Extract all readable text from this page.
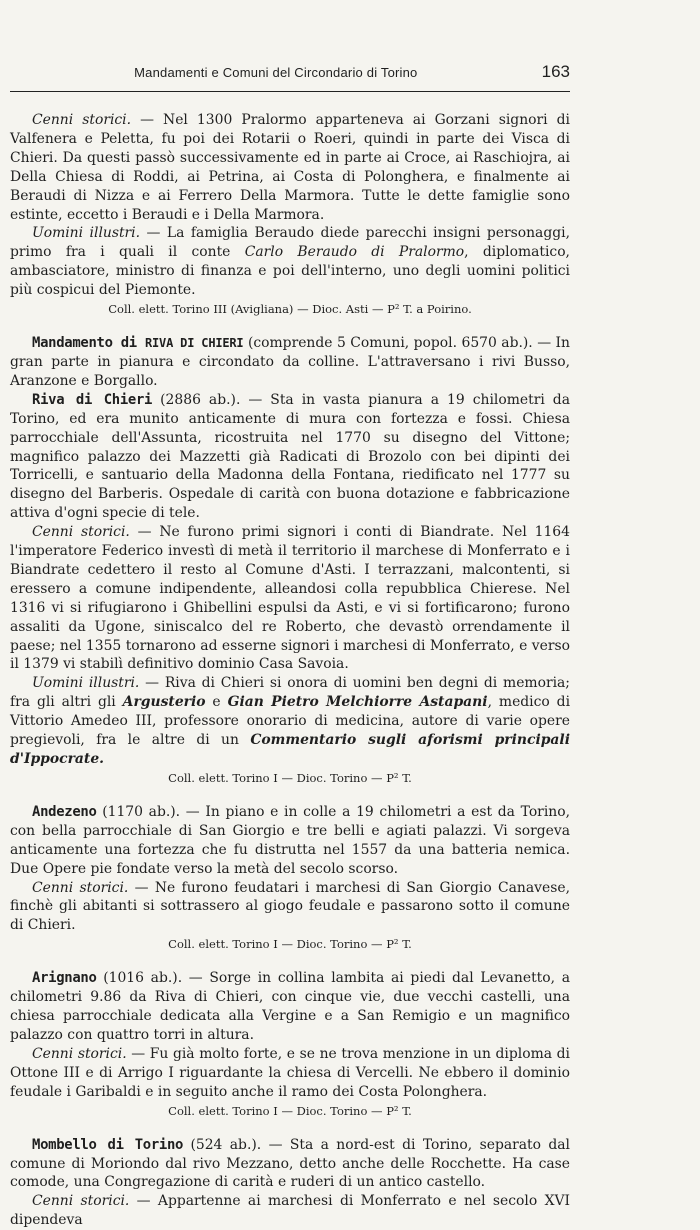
Mandamenti e Comuni del Circondario di Torino	163

Cenni storici. — Nel 1300 Pralormo apparteneva ai Gorzani signori di Valfenera e Peletta, fu poi dei Rotarii o Roeri, quindi in parte dei Visca di Chieri. Da questi passò successivamente ed in parte ai Croce, ai Raschiojra, ai Della Chiesa di Roddi, ai Petrina, ai Costa di Polonghera, e finalmente ai Beraudi di Nizza e ai Ferrero Della Marmora. Tutte le dette famiglie sono estinte, eccetto i Beraudi e i Della Marmora.

Uomini illustri. — La famiglia Beraudo diede parecchi insigni personaggi, primo fra i quali il conte Carlo Beraudo di Pralormo, diplomatico, ambasciatore, ministro di finanza e poi dell'interno, uno degli uomini politici più cospicui del Piemonte.

Coll. elett. Torino III (Avigliana) — Dioc. Asti — P² T. a Poirino.

Mandamento di RIVA DI CHIERI (comprende 5 Comuni, popol. 6570 ab.). — In gran parte in pianura e circondato da colline. L'attraversano i rivi Busso, Aranzone e Borgallo.

Riva di Chieri (2886 ab.). — Sta in vasta pianura a 19 chilometri da Torino, ed era munito anticamente di mura con fortezza e fossi. Chiesa parrocchiale dell'Assunta, ricostruita nel 1770 su disegno del Vittone; magnifico palazzo dei Mazzetti già Radicati di Brozolo con bei dipinti dei Torricelli, e santuario della Madonna della Fontana, riedificato nel 1777 su disegno del Barberis. Ospedale di carità con buona dotazione e fabbricazione attiva d'ogni specie di tele.

Cenni storici. — Ne furono primi signori i conti di Biandrate. Nel 1164 l'imperatore Federico investì di metà il territorio il marchese di Monferrato e i Biandrate cedettero il resto al Comune d'Asti. I terrazzani, malcontenti, si eressero a comune indipendente, alleandosi colla repubblica Chierese. Nel 1316 vi si rifugiarono i Ghibellini espulsi da Asti, e vi si fortificarono; furono assaliti da Ugone, siniscalco del re Roberto, che devastò orrendamente il paese; nel 1355 tornarono ad esserne signori i marchesi di Monferrato, e verso il 1379 vi stabilì definitivo dominio Casa Savoia.

Uomini illustri. — Riva di Chieri si onora di uomini ben degni di memoria; fra gli altri gli Argusterio e Gian Pietro Melchiorre Astapani, medico di Vittorio Amedeo III, professore onorario di medicina, autore di varie opere pregievoli, fra le altre di un Commentario sugli aforismi principali d'Ippocrate.

Coll. elett. Torino I — Dioc. Torino — P² T.

Andezeno (1170 ab.). — In piano e in colle a 19 chilometri a est da Torino, con bella parrocchiale di San Giorgio e tre belli e agiati palazzi. Vi sorgeva anticamente una fortezza che fu distrutta nel 1557 da una batteria nemica. Due Opere pie fondate verso la metà del secolo scorso.

Cenni storici. — Ne furono feudatari i marchesi di San Giorgio Canavese, finchè gli abitanti si sottrassero al giogo feudale e passarono sotto il comune di Chieri.

Coll. elett. Torino I — Dioc. Torino — P² T.

Arignano (1016 ab.). — Sorge in collina lambita ai piedi dal Levanetto, a chilometri 9.86 da Riva di Chieri, con cinque vie, due vecchi castelli, una chiesa parrocchiale dedicata alla Vergine e a San Remigio e un magnifico palazzo con quattro torri in altura.

Cenni storici. — Fu già molto forte, e se ne trova menzione in un diploma di Ottone III e di Arrigo I riguardante la chiesa di Vercelli. Ne ebbero il dominio feudale i Garibaldi e in seguito anche il ramo dei Costa Polonghera.

Coll. elett. Torino I — Dioc. Torino — P² T.

Mombello di Torino (524 ab.). — Sta a nord-est di Torino, separato dal comune di Moriondo dal rivo Mezzano, detto anche delle Rocchette. Ha case comode, una Congregazione di carità e ruderi di un antico castello.

Cenni storici. — Appartenne ai marchesi di Monferrato e nel secolo XVI dipendeva
